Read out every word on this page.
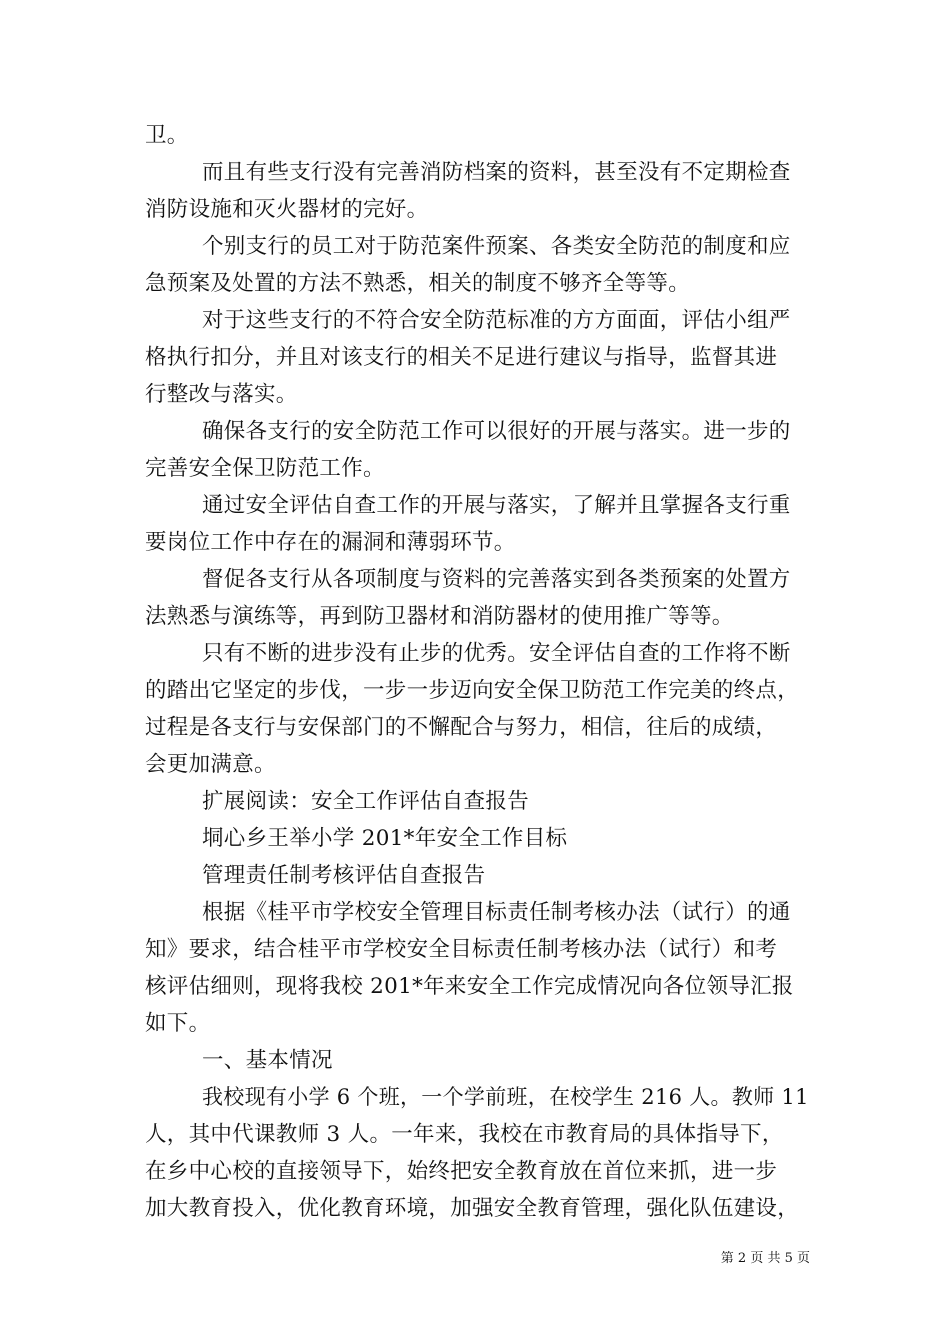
卫。
而且有些支行没有完善消防档案的资料，甚至没有不定期检查
消防设施和灭火器材的完好。
个别支行的员工对于防范案件预案、各类安全防范的制度和应
急预案及处置的方法不熟悉，相关的制度不够齐全等等。
对于这些支行的不符合安全防范标准的方方面面，评估小组严
格执行扣分，并且对该支行的相关不足进行建议与指导，监督其进
行整改与落实。
确保各支行的安全防范工作可以很好的开展与落实。进一步的
完善安全保卫防范工作。
通过安全评估自查工作的开展与落实，了解并且掌握各支行重
要岗位工作中存在的漏洞和薄弱环节。
督促各支行从各项制度与资料的完善落实到各类预案的处置方
法熟悉与演练等，再到防卫器材和消防器材的使用推广等等。
只有不断的进步没有止步的优秀。安全评估自查的工作将不断
的踏出它坚定的步伐，一步一步迈向安全保卫防范工作完美的终点，
过程是各支行与安保部门的不懈配合与努力，相信，往后的成绩，
会更加满意。
扩展阅读：安全工作评估自查报告
垌心乡王举小学 201*年安全工作目标
管理责任制考核评估自查报告
根据《桂平市学校安全管理目标责任制考核办法（试行）的通
知》要求，结合桂平市学校安全目标责任制考核办法（试行）和考
核评估细则，现将我校 201*年来安全工作完成情况向各位领导汇报
如下。
一、基本情况
我校现有小学 6 个班，一个学前班，在校学生 216 人。教师 11
人，其中代课教师 3 人。一年来，我校在市教育局的具体指导下，
在乡中心校的直接领导下，始终把安全教育放在首位来抓，进一步
加大教育投入，优化教育环境，加强安全教育管理，强化队伍建设，
第 2 页 共 5 页
